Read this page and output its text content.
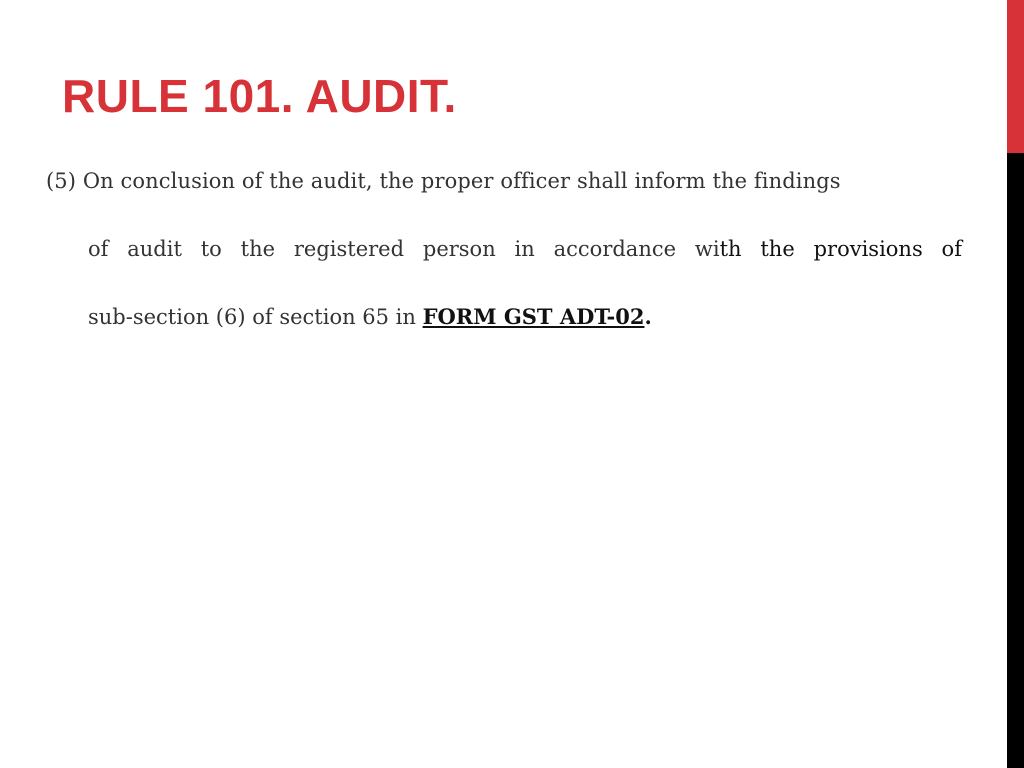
RULE 101. AUDIT.
(5) On conclusion of the audit, the proper officer shall inform the findings
of audit to the registered person in accordance with the provisions of
sub-section (6) of section 65 in FORM GST ADT-02.
